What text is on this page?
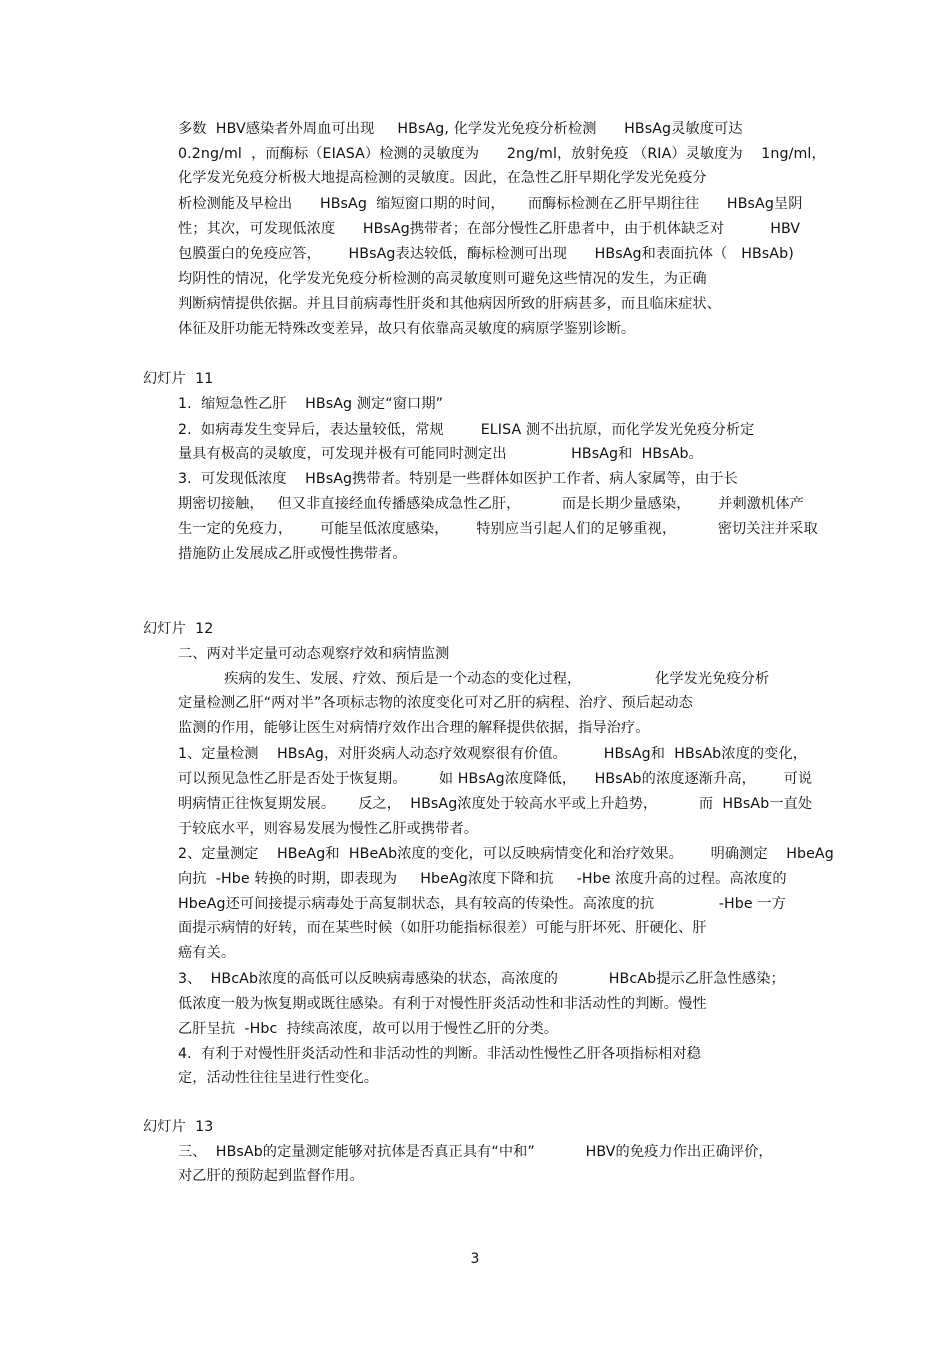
多数  HBV感染者外周血可出现     HBsAg, 化学发光免疫分析检测      HBsAg灵敏度可达
0.2ng/ml  ，而酶标（EIASA）检测的灵敏度为      2ng/ml，放射免疫 （RIA）灵敏度为    1ng/ml，
化学发光免疫分析极大地提高检测的灵敏度。因此，在急性乙肝早期化学发光免疫分
析检测能及早检出      HBsAg  缩短窗口期的时间，     而酶标检测在乙肝早期往往      HBsAg呈阴
性；其次，可发现低浓度      HBsAg携带者；在部分慢性乙肝患者中，由于机体缺乏对          HBV
包膜蛋白的免疫应答，      HBsAg表达较低，酶标检测可出现      HBsAg和表面抗体（   HBsAb)
均阴性的情况，化学发光免疫分析检测的高灵敏度则可避免这些情况的发生，为正确
判断病情提供依据。并且目前病毒性肝炎和其他病因所致的肝病甚多，而且临床症状、
体征及肝功能无特殊改变差异，故只有依靠高灵敏度的病原学鉴别诊断。
幻灯片  11
1.  缩短急性乙肝    HBsAg 测定“窗口期”
2.  如病毒发生变异后，表达量较低，常规        ELISA 测不出抗原，而化学发光免疫分析定
量具有极高的灵敏度，可发现并极有可能同时测定出              HBsAg和  HBsAb。
3.  可发现低浓度    HBsAg携带者。特别是一些群体如医护工作者、病人家属等，由于长
期密切接触，   但又非直接经血传播感染成急性乙肝，         而是长期少量感染，      并刺激机体产
生一定的免疫力，      可能呈低浓度感染，      特别应当引起人们的足够重视，         密切关注并采取
措施防止发展成乙肝或慢性携带者。
幻灯片  12
二、两对半定量可动态观察疗效和病情监测
疾病的发生、发展、疗效、预后是一个动态的变化过程，                化学发光免疫分析
定量检测乙肝“两对半”各项标志物的浓度变化可对乙肝的病程、治疗、预后起动态
监测的作用，能够让医生对病情疗效作出合理的解释提供依据，指导治疗。
1、定量检测    HBsAg，对肝炎病人动态疗效观察很有价值。        HBsAg和  HBsAb浓度的变化，
可以预见急性乙肝是否处于恢复期。       如 HBsAg浓度降低，    HBsAb的浓度逐渐升高，      可说
明病情正往恢复期发展。     反之，  HBsAg浓度处于较高水平或上升趋势，         而  HBsAb一直处
于较底水平，则容易发展为慢性乙肝或携带者。
2、定量测定    HBeAg和  HBeAb浓度的变化，可以反映病情变化和治疗效果。      明确测定    HbeAg
向抗  -Hbe 转换的时期，即表现为     HbeAg浓度下降和抗     -Hbe 浓度升高的过程。高浓度的
HbeAg还可间接提示病毒处于高复制状态，具有较高的传染性。高浓度的抗              -Hbe 一方
面提示病情的好转，而在某些时候（如肝功能指标很差）可能与肝坏死、肝硬化、肝
癌有关。
3、  HBcAb浓度的高低可以反映病毒感染的状态，高浓度的           HBcAb提示乙肝急性感染；
低浓度一般为恢复期或既往感染。有利于对慢性肝炎活动性和非活动性的判断。慢性
乙肝呈抗  -Hbc  持续高浓度，故可以用于慢性乙肝的分类。
4.  有利于对慢性肝炎活动性和非活动性的判断。非活动性慢性乙肝各项指标相对稳
定，活动性往往呈进行性变化。
幻灯片  13
三、  HBsAb的定量测定能够对抗体是否真正具有“中和”           HBV的免疫力作出正确评价，
对乙肝的预防起到监督作用。
3
